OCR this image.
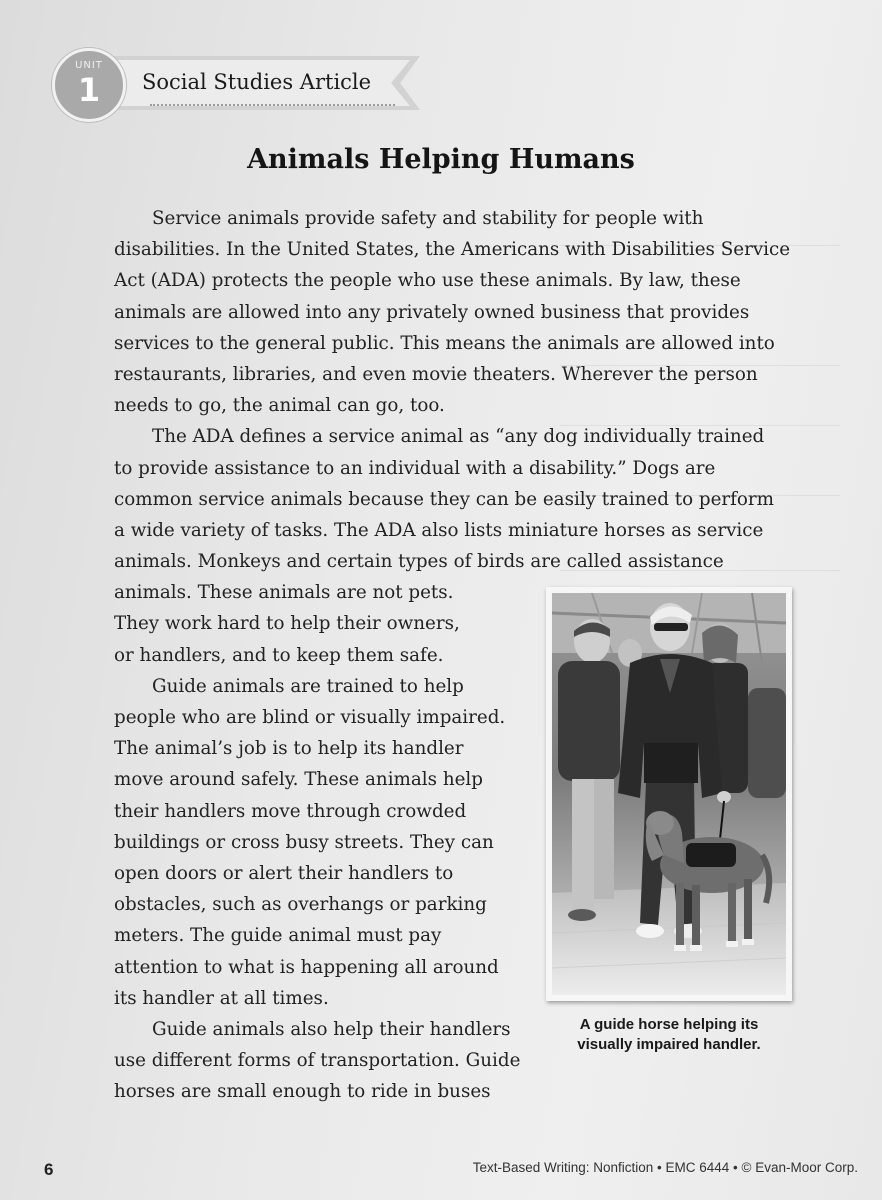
UNIT
1	Social Studies Article
Animals Helping Humans
Service animals provide safety and stability for people with
disabilities. In the United States, the Americans with Disabilities Service
Act (ADA) protects the people who use these animals. By law, these
animals are allowed into any privately owned business that provides
services to the general public. This means the animals are allowed into
restaurants, libraries, and even movie theaters. Wherever the person
needs to go, the animal can go, too.
The ADA defines a service animal as “any dog individually trained
to provide assistance to an individual with a disability.” Dogs are
common service animals because they can be easily trained to perform
a wide variety of tasks. The ADA also lists miniature horses as service
animals. Monkeys and certain types of birds are called assistance
animals. These animals are not pets.
They work hard to help their owners,
or handlers, and to keep them safe.
Guide animals are trained to help
people who are blind or visually impaired.
The animal’s job is to help its handler
move around safely. These animals help
their handlers move through crowded
buildings or cross busy streets. They can
open doors or alert their handlers to
obstacles, such as overhangs or parking
meters. The guide animal must pay
attention to what is happening all around
its handler at all times.
Guide animals also help their handlers
use different forms of transportation. Guide
horses are small enough to ride in buses
A guide horse helping its
visually impaired handler.
6	Text-Based Writing: Nonfiction • EMC 6444 • © Evan-Moor Corp.
